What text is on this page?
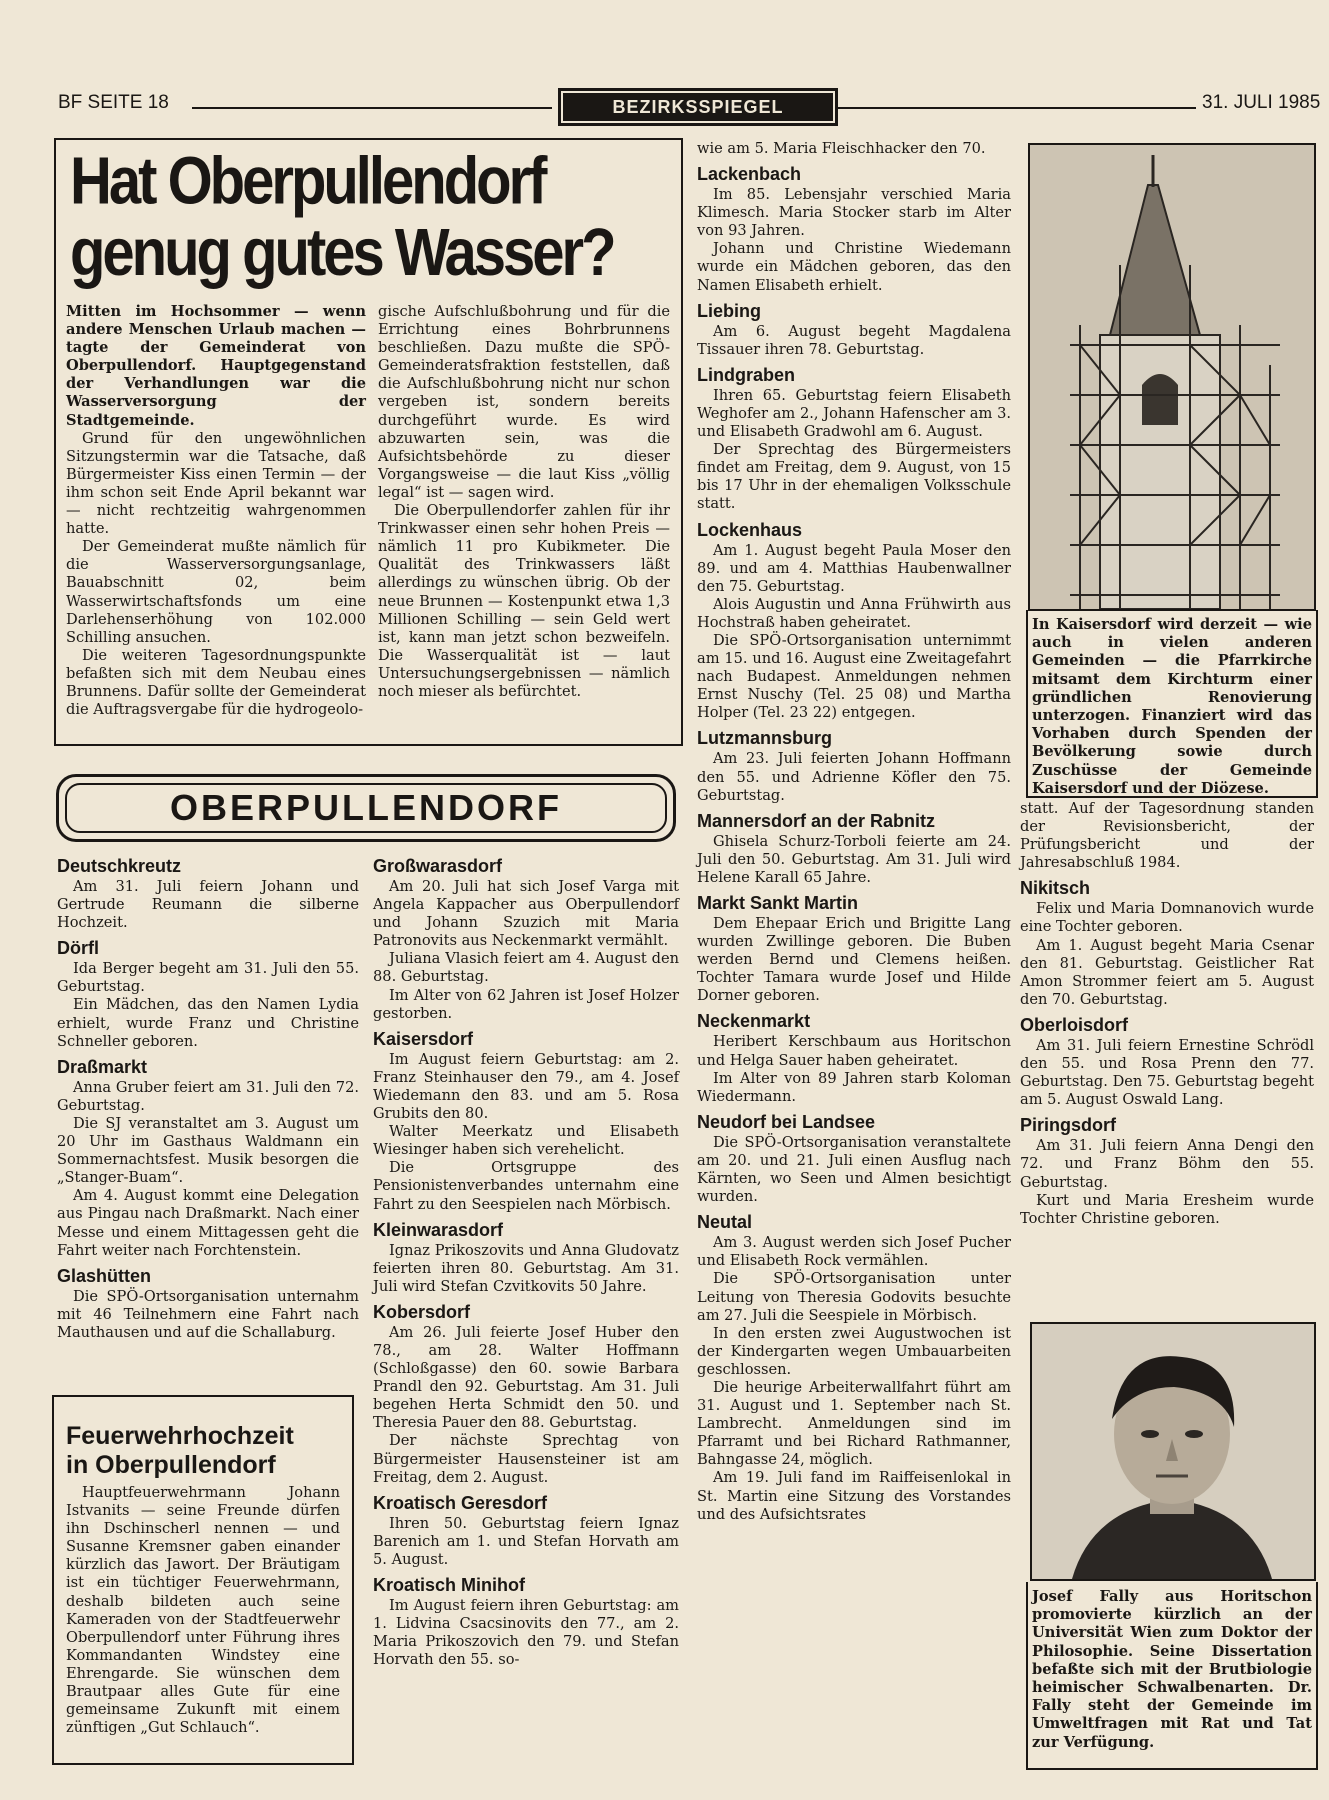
BF SEITE 18	BEZIRKSSPIEGEL	31. JULI 1985
Hat Oberpullendorf genug gutes Wasser?

Mitten im Hochsommer — wenn andere Menschen Urlaub machen — tagte der Gemeinderat von Oberpullendorf. Hauptgegenstand der Verhandlungen war die Wasserversorgung der Stadtgemeinde.

Grund für den ungewöhnlichen Sitzungstermin war die Tatsache, daß Bürgermeister Kiss einen Termin — der ihm schon seit Ende April bekannt war — nicht rechtzeitig wahrgenommen hatte.

Der Gemeinderat mußte nämlich für die Wasserversorgungsanlage, Bauabschnitt 02, beim Wasserwirtschaftsfonds um eine Darlehenserhöhung von 102.000 Schilling ansuchen.

Die weiteren Tagesordnungspunkte befaßten sich mit dem Neubau eines Brunnens. Dafür sollte der Gemeinderat die Auftragsvergabe für die hydrogeolo-

gische Aufschlußbohrung und für die Errichtung eines Bohrbrunnens beschließen. Dazu mußte die SPÖ-Gemeinderatsfraktion feststellen, daß die Aufschlußbohrung nicht nur schon vergeben ist, sondern bereits durchgeführt wurde. Es wird abzuwarten sein, was die Aufsichtsbehörde zu dieser Vorgangsweise — die laut Kiss „völlig legal“ ist — sagen wird.

Die Oberpullendorfer zahlen für ihr Trinkwasser einen sehr hohen Preis — nämlich 11 pro Kubikmeter. Die Qualität des Trinkwassers läßt allerdings zu wünschen übrig. Ob der neue Brunnen — Kostenpunkt etwa 1,3 Millionen Schilling — sein Geld wert ist, kann man jetzt schon bezweifeln. Die Wasserqualität ist — laut Untersuchungsergebnissen — nämlich noch mieser als befürchtet.

OBERPULLENDORF
Deutschkreutz

Am 31. Juli feiern Johann und Gertrude Reumann die silberne Hochzeit.

Dörfl

Ida Berger begeht am 31. Juli den 55. Geburtstag.

Ein Mädchen, das den Namen Lydia erhielt, wurde Franz und Christine Schneller geboren.

Draßmarkt

Anna Gruber feiert am 31. Juli den 72. Geburtstag.

Die SJ veranstaltet am 3. August um 20 Uhr im Gasthaus Waldmann ein Sommernachtsfest. Musik besorgen die „Stanger-Buam“.

Am 4. August kommt eine Delegation aus Pingau nach Draßmarkt. Nach einer Messe und einem Mittagessen geht die Fahrt weiter nach Forchtenstein.

Glashütten

Die SPÖ-Ortsorganisation unternahm mit 46 Teilnehmern eine Fahrt nach Mauthausen und auf die Schallaburg.

Feuerwehrhochzeit
in Oberpullendorf

Hauptfeuerwehrmann Johann Istvanits — seine Freunde dürfen ihn Dschinscherl nennen — und Susanne Kremsner gaben einander kürzlich das Jawort. Der Bräutigam ist ein tüchtiger Feuerwehrmann, deshalb bildeten auch seine Kameraden von der Stadtfeuerwehr Oberpullendorf unter Führung ihres Kommandanten Windstey eine Ehrengarde. Sie wünschen dem Brautpaar alles Gute für eine gemeinsame Zukunft mit einem zünftigen „Gut Schlauch“.

Großwarasdorf

Am 20. Juli hat sich Josef Varga mit Angela Kappacher aus Oberpullendorf und Johann Szuzich mit Maria Patronovits aus Neckenmarkt vermählt.

Juliana Vlasich feiert am 4. August den 88. Geburtstag.

Im Alter von 62 Jahren ist Josef Holzer gestorben.

Kaisersdorf

Im August feiern Geburtstag: am 2. Franz Steinhauser den 79., am 4. Josef Wiedemann den 83. und am 5. Rosa Grubits den 80.

Walter Meerkatz und Elisabeth Wiesinger haben sich verehelicht.

Die Ortsgruppe des Pensionistenverbandes unternahm eine Fahrt zu den Seespielen nach Mörbisch.

Kleinwarasdorf

Ignaz Prikoszovits und Anna Gludovatz feierten ihren 80. Geburtstag. Am 31. Juli wird Stefan Czvitkovits 50 Jahre.

Kobersdorf

Am 26. Juli feierte Josef Huber den 78., am 28. Walter Hoffmann (Schloßgasse) den 60. sowie Barbara Prandl den 92. Geburtstag. Am 31. Juli begehen Herta Schmidt den 50. und Theresia Pauer den 88. Geburtstag.

Der nächste Sprechtag von Bürgermeister Hausensteiner ist am Freitag, dem 2. August.

Kroatisch Geresdorf

Ihren 50. Geburtstag feiern Ignaz Barenich am 1. und Stefan Horvath am 5. August.

Kroatisch Minihof

Im August feiern ihren Geburtstag: am 1. Lidvina Csacsinovits den 77., am 2. Maria Prikoszovich den 79. und Stefan Horvath den 55. so-

wie am 5. Maria Fleischhacker den 70.

Lackenbach

Im 85. Lebensjahr verschied Maria Klimesch. Maria Stocker starb im Alter von 93 Jahren.

Johann und Christine Wiedemann wurde ein Mädchen geboren, das den Namen Elisabeth erhielt.

Liebing

Am 6. August begeht Magdalena Tissauer ihren 78. Geburtstag.

Lindgraben

Ihren 65. Geburtstag feiern Elisabeth Weghofer am 2., Johann Hafenscher am 3. und Elisabeth Gradwohl am 6. August.

Der Sprechtag des Bürgermeisters findet am Freitag, dem 9. August, von 15 bis 17 Uhr in der ehemaligen Volksschule statt.

Lockenhaus

Am 1. August begeht Paula Moser den 89. und am 4. Matthias Haubenwallner den 75. Geburtstag.

Alois Augustin und Anna Frühwirth aus Hochstraß haben geheiratet.

Die SPÖ-Ortsorganisation unternimmt am 15. und 16. August eine Zweitagefahrt nach Budapest. Anmeldungen nehmen Ernst Nuschy (Tel. 25 08) und Martha Holper (Tel. 23 22) entgegen.

Lutzmannsburg

Am 23. Juli feierten Johann Hoffmann den 55. und Adrienne Köfler den 75. Geburtstag.

Mannersdorf an der Rabnitz

Ghisela Schurz-Torboli feierte am 24. Juli den 50. Geburtstag. Am 31. Juli wird Helene Karall 65 Jahre.

Markt Sankt Martin

Dem Ehepaar Erich und Brigitte Lang wurden Zwillinge geboren. Die Buben werden Bernd und Clemens heißen. Tochter Tamara wurde Josef und Hilde Dorner geboren.

Neckenmarkt

Heribert Kerschbaum aus Horitschon und Helga Sauer haben geheiratet.

Im Alter von 89 Jahren starb Koloman Wiedermann.

Neudorf bei Landsee

Die SPÖ-Ortsorganisation veranstaltete am 20. und 21. Juli einen Ausflug nach Kärnten, wo Seen und Almen besichtigt wurden.

Neutal

Am 3. August werden sich Josef Pucher und Elisabeth Rock vermählen.

Die SPÖ-Ortsorganisation unter Leitung von Theresia Godovits besuchte am 27. Juli die Seespiele in Mörbisch.

In den ersten zwei Augustwochen ist der Kindergarten wegen Umbauarbeiten geschlossen.

Die heurige Arbeiterwallfahrt führt am 31. August und 1. September nach St. Lambrecht. Anmeldungen sind im Pfarramt und bei Richard Rathmanner, Bahngasse 24, möglich.

Am 19. Juli fand im Raiffeisenlokal in St. Martin eine Sitzung des Vorstandes und des Aufsichtsrates

In Kaisersdorf wird derzeit — wie auch in vielen anderen Gemeinden — die Pfarrkirche mitsamt dem Kirchturm einer gründlichen Renovierung unterzogen. Finanziert wird das Vorhaben durch Spenden der Bevölkerung sowie durch Zuschüsse der Gemeinde Kaisersdorf und der Diözese.

statt. Auf der Tagesordnung standen der Revisionsbericht, der Prüfungsbericht und der Jahresabschluß 1984.

Nikitsch

Felix und Maria Domnanovich wurde eine Tochter geboren.

Am 1. August begeht Maria Csenar den 81. Geburtstag. Geistlicher Rat Amon Strommer feiert am 5. August den 70. Geburtstag.

Oberloisdorf

Am 31. Juli feiern Ernestine Schrödl den 55. und Rosa Prenn den 77. Geburtstag. Den 75. Geburtstag begeht am 5. August Oswald Lang.

Piringsdorf

Am 31. Juli feiern Anna Dengi den 72. und Franz Böhm den 55. Geburtstag.

Kurt und Maria Eresheim wurde Tochter Christine geboren.

Josef Fally aus Horitschon promovierte kürzlich an der Universität Wien zum Doktor der Philosophie. Seine Dissertation befaßte sich mit der Brutbiologie heimischer Schwalbenarten. Dr. Fally steht der Gemeinde im Umweltfragen mit Rat und Tat zur Verfügung.
